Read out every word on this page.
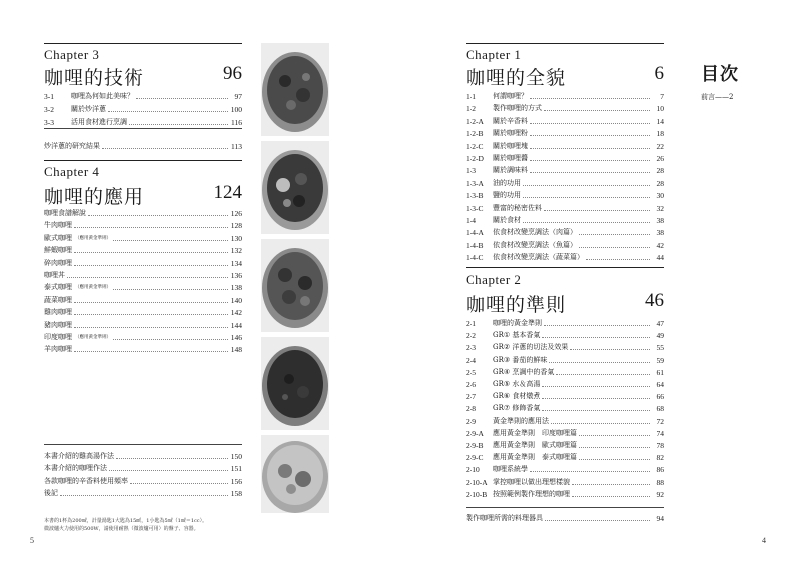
Chapter 3
咖哩的技術	96
3-1	咖哩為何如此美味？	97
3-2	關於炒洋蔥	100
3-3	活用食材進行烹調	116
炒洋蔥的研究結果	113
Chapter 4
咖哩的應用	124
咖哩食譜解說	126
牛肉咖哩	128
歐式咖哩 （應用黃金準則）	130
鮮蝦咖哩	132
碎肉咖哩	134
咖哩丼	136
泰式咖哩 （應用黃金準則）	138
蔬菜咖哩	140
雞肉咖哩	142
豬肉咖哩	144
印度咖哩 （應用黃金準則）	146
羊肉咖哩	148
本書介紹的雞高湯作法	150
本書介紹的咖哩作法	151
各款咖哩的辛香料使用頻率	156
後記	158
本書的1杯為200㎖，計量湯匙1大匙為15㎖，1小匙為5㎖（1㎖＝1cc）。
微波爐火力使用的500W，請使用耐熱（微波爐可用）的盤子、容器。
5
Chapter 1
咖哩的全貌	6
1-1	何謂咖哩？	7
1-2	製作咖哩的方式	10
1-2-A	關於辛香料	14
1-2-B	關於咖哩粉	18
1-2-C	關於咖哩塊	22
1-2-D	關於咖哩醬	26
1-3	關於調味料	28
1-3-A	油的功用	28
1-3-B	鹽的功用	30
1-3-C	豐富的秘密佐料	32
1-4	關於食材	38
1-4-A	依食材改變烹調法（肉篇）	38
1-4-B	依食材改變烹調法（魚篇）	42
1-4-C	依食材改變烹調法（蔬菜篇）	44
Chapter 2
咖哩的準則	46
2-1	咖哩的黃金準則	47
2-2	GR① 基本香氣	49
2-3	GR② 洋蔥的切法及效果	55
2-4	GR③ 番茄的鮮味	59
2-5	GR④ 烹調中的香氣	61
2-6	GR⑤ 水＆高湯	64
2-7	GR⑥ 食材燉煮	66
2-8	GR⑦ 修飾香氣	68
2-9	黃金準則的應用法	72
2-9-A	應用黃金準則　印度咖哩篇	74
2-9-B	應用黃金準則　歐式咖哩篇	78
2-9-C	應用黃金準則　泰式咖哩篇	82
2-10	咖哩系統學	86
2-10-A 掌控咖哩以做出理想樣貌	88
2-10-B 按照範例製作理想的咖哩	92
製作咖哩所需的料理器具	94
目次
前言——2
4
